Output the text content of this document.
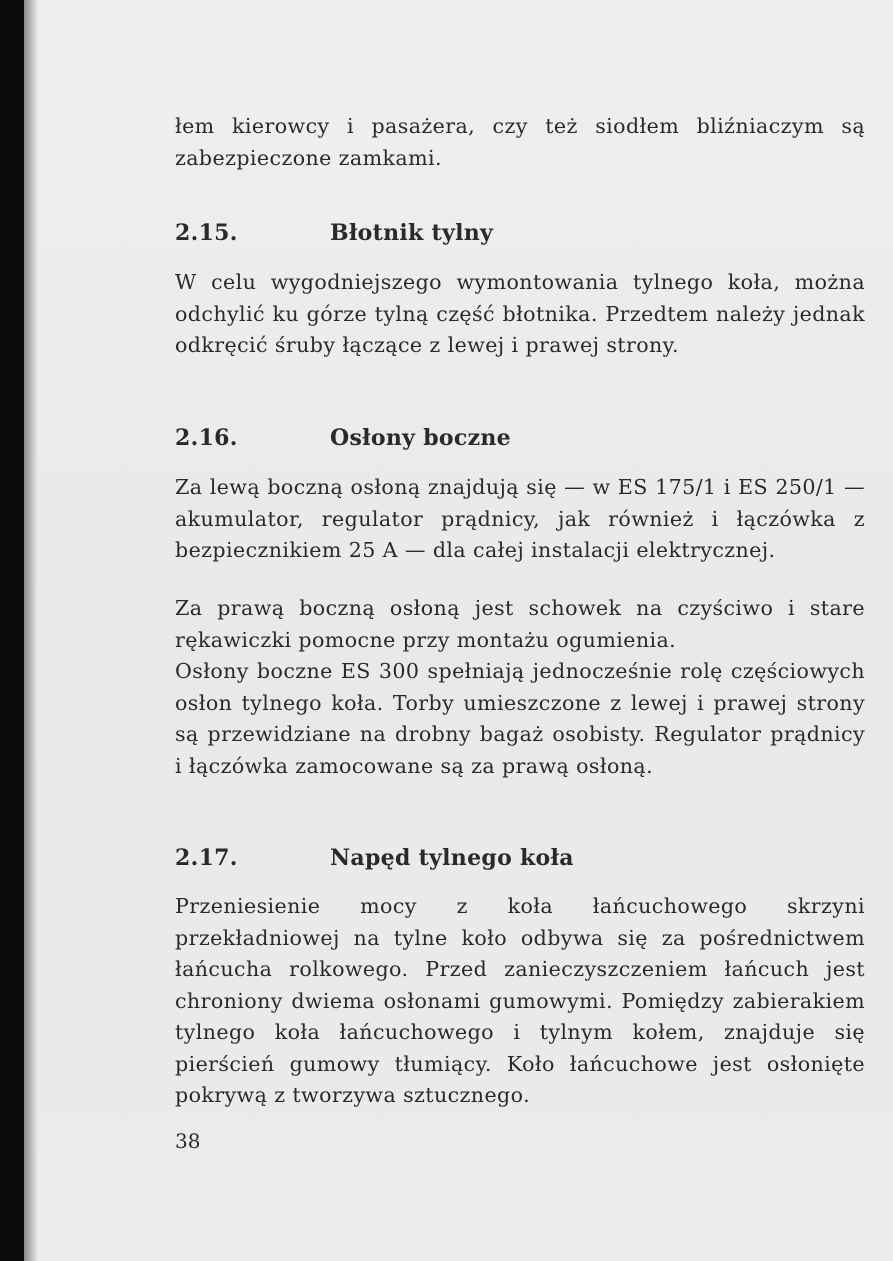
łem kierowcy i pasażera, czy też siodłem bliźniaczym są zabezpieczone zamkami.

2.15.	Błotnik tylny

W celu wygodniejszego wymontowania tylnego koła, można odchylić ku górze tylną część błotnika. Przedtem należy jednak odkręcić śruby łączące z lewej i prawej strony.

2.16.	Osłony boczne

Za lewą boczną osłoną znajdują się — w ES 175/1 i ES 250/1 — akumulator, regulator prądnicy, jak również i łączówka z bezpiecznikiem 25 A — dla całej instalacji elektrycznej.

Za prawą boczną osłoną jest schowek na czyściwo i stare rękawiczki pomocne przy montażu ogumienia.

Osłony boczne ES 300 spełniają jednocześnie rolę częściowych osłon tylnego koła. Torby umieszczone z lewej i prawej strony są przewidziane na drobny bagaż osobisty. Regulator prądnicy i łączówka zamocowane są za prawą osłoną.

2.17.	Napęd tylnego koła

Przeniesienie mocy z koła łańcuchowego skrzyni przekładniowej na tylne koło odbywa się za pośrednictwem łańcucha rolkowego. Przed zanieczyszczeniem łańcuch jest chroniony dwiema osłonami gumowymi. Pomiędzy zabierakiem tylnego koła łańcuchowego i tylnym kołem, znajduje się pierścień gumowy tłumiący. Koło łańcuchowe jest osłonięte pokrywą z tworzywa sztucznego.

38
